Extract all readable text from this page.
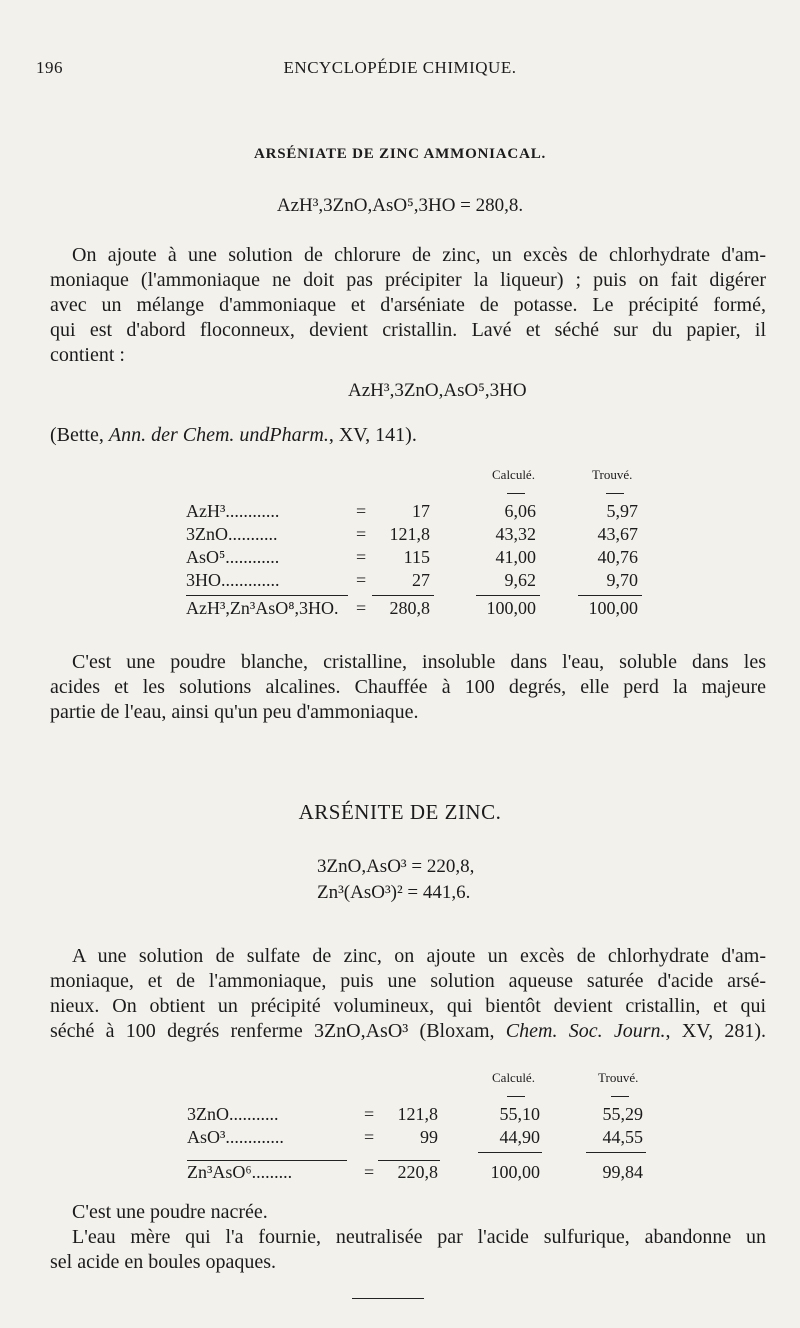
196	ENCYCLOPÉDIE CHIMIQUE.
ARSÉNIATE DE ZINC AMMONIACAL.
AzH³,3ZnO,AsO⁵,3HO = 280,8.
On ajoute à une solution de chlorure de zinc, un excès de chlorhydrate d'am-
moniaque (l'ammoniaque ne doit pas précipiter la liqueur) ; puis on fait digérer
avec un mélange d'ammoniaque et d'arséniate de potasse. Le précipité formé,
qui est d'abord floconneux, devient cristallin. Lavé et séché sur du papier, il
contient :
AzH³,3ZnO,AsO⁵,3HO
(Bette, Ann. der Chem. undPharm., XV, 141).
Calculé.	Trouvé.
AzH³............	=	17	6,06	5,97
3ZnO...........	= 121,8	43,32	43,67
AsO⁵............	= 115	41,00	40,76
3HO.............	=	27	9,62	9,70
AzH³,Zn³AsO⁸,3HO. = 280,8	100,00	100,00
C'est une poudre blanche, cristalline, insoluble dans l'eau, soluble dans les
acides et les solutions alcalines. Chauffée à 100 degrés, elle perd la majeure
partie de l'eau, ainsi qu'un peu d'ammoniaque.
ARSÉNITE DE ZINC.
3ZnO,AsO³ = 220,8,
Zn³(AsO³)² = 441,6.
A une solution de sulfate de zinc, on ajoute un excès de chlorhydrate d'am-
moniaque, et de l'ammoniaque, puis une solution aqueuse saturée d'acide arsé-
nieux. On obtient un précipité volumineux, qui bientôt devient cristallin, et qui
séché à 100 degrés renferme 3ZnO,AsO³ (Bloxam, Chem. Soc. Journ., XV, 281).
Calculé.	Trouvé.
3ZnO...........	= 121,8	55,10	55,29
AsO³.............	=	99	44,90	44,55
Zn³AsO⁶.........	= 220,8	100,00	99,84
C'est une poudre nacrée.
L'eau mère qui l'a fournie, neutralisée par l'acide sulfurique, abandonne un
sel acide en boules opaques.
